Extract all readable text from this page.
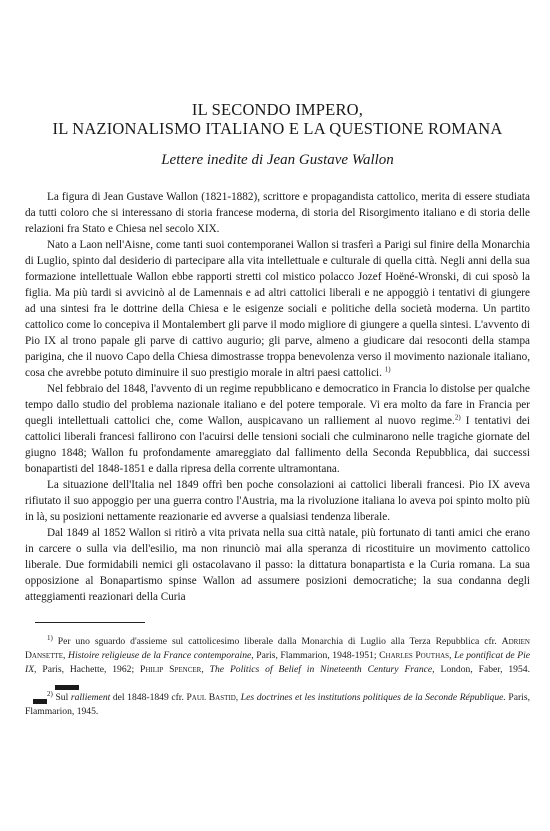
IL SECONDO IMPERO,
IL NAZIONALISMO ITALIANO E LA QUESTIONE ROMANA
Lettere inedite di Jean Gustave Wallon

La figura di Jean Gustave Wallon (1821-1882), scrittore e propagandista cattolico, merita di essere studiata da tutti coloro che si interessano di storia francese moderna, di storia del Risorgimento italiano e di storia delle relazioni fra Stato e Chiesa nel secolo XIX.

Nato a Laon nell'Aisne, come tanti suoi contemporanei Wallon si trasferì a Parigi sul finire della Monarchia di Luglio, spinto dal desiderio di partecipare alla vita intellettuale e culturale di quella città. Negli anni della sua formazione intellettuale Wallon ebbe rapporti stretti col mistico polacco Jozef Hoëné-Wronski, di cui sposò la figlia. Ma più tardi si avvicinò al de Lamennais e ad altri cattolici liberali e ne appoggiò i tentativi di giungere ad una sintesi fra le dottrine della Chiesa e le esigenze sociali e politiche della società moderna. Un partito cattolico come lo concepiva il Montalembert gli parve il modo migliore di giungere a quella sintesi. L'avvento di Pio IX al trono papale gli parve di cattivo augurio; gli parve, almeno a giudicare dai resoconti della stampa parigina, che il nuovo Capo della Chiesa dimostrasse troppa benevolenza verso il movimento nazionale italiano, cosa che avrebbe potuto diminuire il suo prestigio morale in altri paesi cattolici. $^{1)}$

Nel febbraio del 1848, l'avvento di un regime repubblicano e democratico in Francia lo distolse per qualche tempo dallo studio del problema nazionale italiano e del potere temporale. Vi era molto da fare in Francia per quegli intellettuali cattolici che, come Wallon, auspicavano un ralliement al nuovo regime.$^{2)}$ I tentativi dei cattolici liberali francesi fallirono con l'acuirsi delle tensioni sociali che culminarono nelle tragiche giornate del giugno 1848; Wallon fu profondamente amareggiato dal fallimento della Seconda Repubblica, dai successi bonapartisti del 1848-1851 e dalla ripresa della corrente ultramontana.

La situazione dell'Italia nel 1849 offrì ben poche consolazioni ai cattolici liberali francesi. Pio IX aveva rifiutato il suo appoggio per una guerra contro l'Austria, ma la rivoluzione italiana lo aveva poi spinto molto più in là, su posizioni nettamente reazionarie ed avverse a qualsiasi tendenza liberale.

Dal 1849 al 1852 Wallon si ritirò a vita privata nella sua città natale, più fortunato di tanti amici che erano in carcere o sulla via dell'esilio, ma non rinunciò mai alla speranza di ricostituire un movimento cattolico liberale. Due formidabili nemici gli ostacolavano il passo: la dittatura bonapartista e la Curia romana. La sua opposizione al Bonapartismo spinse Wallon ad assumere posizioni democratiche; la sua condanna degli atteggiamenti reazionari della Curia

$^{1)}$ Per uno sguardo d'assieme sul cattolicesimo liberale dalla Monarchia di Luglio alla Terza Repubblica cfr. Adrien Dansette, Histoire religieuse de la France contemporaine, Paris, Flammarion, 1948-1951; Charles Pouthas, Le pontificat de Pie IX, Paris, Hachette, 1962; Philip Spencer, The Politics of Belief in Nineteenth Century France, London, Faber, 1954.

$^{2)}$ Sul ralliement del 1848-1849 cfr. Paul Bastid, Les doctrines et les institutions politiques de la Seconde République. Paris, Flammarion, 1945.
